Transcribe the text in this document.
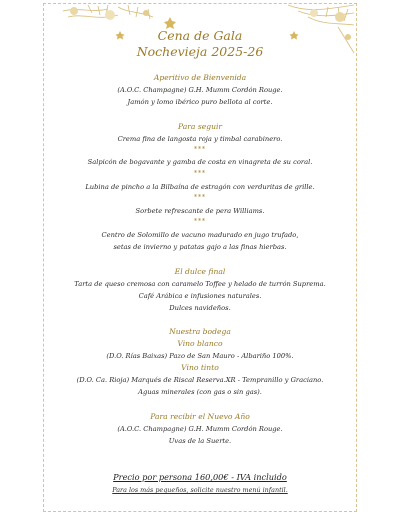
Cena de Gala
Nochevieja 2025-26
Aperitivo de Bienvenida
(A.O.C. Champagne) G.H. Mumm Cordón Rouge.
Jamón y lomo ibérico puro bellota al corte.
Para seguir
Crema fina de langosta roja y timbal carabinero.
***
Salpicón de bogavante y gamba de costa en vinagreta de su coral.
***
Lubina de pincho a la Bilbaína de estragón con verduritas de grille.
***
Sorbete refrescante de pera Williams.
***
Centro de Solomillo de vacuno madurado en jugo trufado,
setas de invierno y patatas gajo a las finas hierbas.
El dulce final
Tarta de queso cremosa con caramelo Toffee y helado de turrón Suprema.
Café Arábica e infusiones naturales.
Dulces navideños.
Nuestra bodega
Vino blanco
(D.O. Rías Baixas) Pazo de San Mauro - Albariño 100%.
Vino tinto
(D.O. Ca. Rioja) Marqués de Riscal Reserva.XR - Tempranillo y Graciano.
Aguas minerales (con gas o sin gas).
Para recibir el Nuevo Año
(A.O.C. Champagne) G.H. Mumm Cordón Rouge.
Uvas de la Suerte.
Precio por persona 160,00€ - IVA incluido
Para los más pequeños, solicite nuestro menú infantil.
